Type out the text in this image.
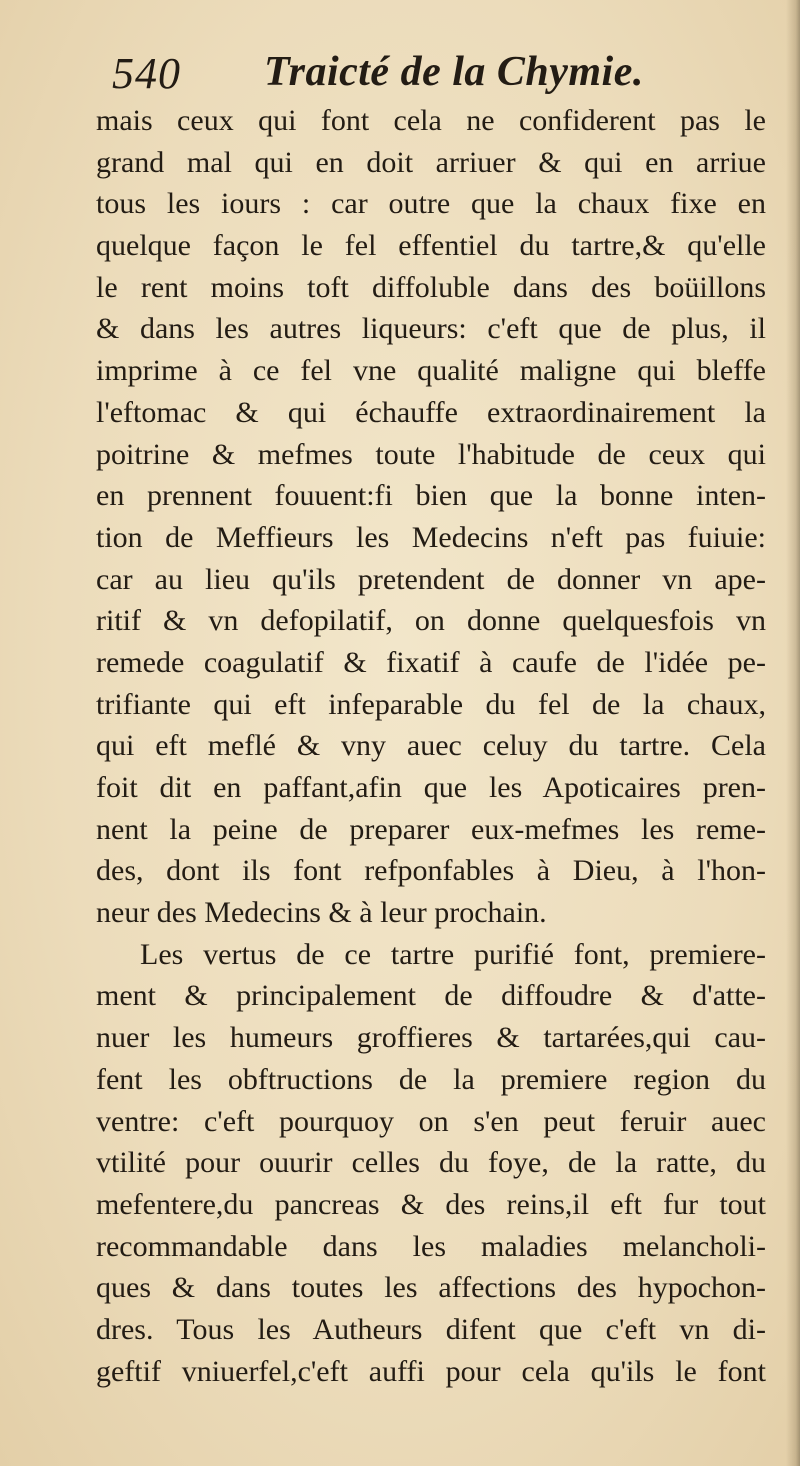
540 Traicté de la Chymie.
mais ceux qui font cela ne confiderent pas le
grand mal qui en doit arriuer & qui en arriue
tous les iours : car outre que la chaux fixe en
quelque façon le fel effentiel du tartre,& qu'elle
le rent moins toft diffoluble dans des boüillons
& dans les autres liqueurs: c'eft que de plus, il
imprime à ce fel vne qualité maligne qui bleffe
l'eftomac & qui échauffe extraordinairement la
poitrine & mefmes toute l'habitude de ceux qui
en prennent fouuent:fi bien que la bonne inten-
tion de Meffieurs les Medecins n'eft pas fuiuie:
car au lieu qu'ils pretendent de donner vn ape-
ritif & vn defopilatif, on donne quelquesfois vn
remede coagulatif & fixatif à caufe de l'idée pe-
trifiante qui eft infeparable du fel de la chaux,
qui eft meflé & vny auec celuy du tartre. Cela
foit dit en paffant,afin que les Apoticaires pren-
nent la peine de preparer eux-mefmes les reme-
des, dont ils font refponfables à Dieu, à l'hon-
neur des Medecins & à leur prochain.
Les vertus de ce tartre purifié font, premiere-
ment & principalement de diffoudre & d'atte-
nuer les humeurs groffieres & tartarées,qui cau-
fent les obftructions de la premiere region du
ventre: c'eft pourquoy on s'en peut feruir auec
vtilité pour ouurir celles du foye, de la ratte, du
mefentere,du pancreas & des reins,il eft fur tout
recommandable dans les maladies melancholi-
ques & dans toutes les affections des hypochon-
dres. Tous les Autheurs difent que c'eft vn di-
geftif vniuerfel,c'eft auffi pour cela qu'ils le font
